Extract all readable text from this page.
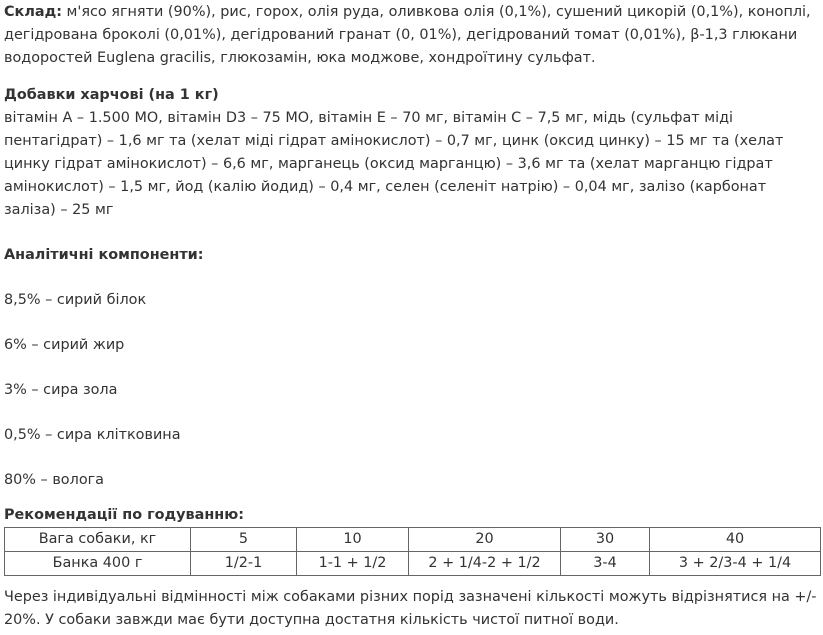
Склад: м'ясо ягняти (90%), рис, горох, олія руда, оливкова олія (0,1%), сушений цикорій (0,1%), коноплі, дегідрована броколі (0,01%), дегідрований гранат (0, 01%), дегідрований томат (0,01%), β-1,3 глюкани водоростей Euglena gracilis, глюкозамін, юка моджове, хондроїтину сульфат.

Добавки харчові (на 1 кг)

вітамін A – 1.500 МО, вітамін D3 – 75 МО, вітамін Е – 70 мг, вітамін C – 7,5 мг, мідь (сульфат міді пентагідрат) – 1,6 мг та (хелат міді гідрат амінокислот) – 0,7 мг, цинк (оксид цинку) – 15 мг та (хелат цинку гідрат амінокислот) – 6,6 мг, марганець (оксид марганцю) – 3,6 мг та (хелат марганцю гідрат амінокислот) – 1,5 мг, йод (калію йодид) – 0,4 мг, селен (селеніт натрію) – 0,04 мг, залізо (карбонат заліза) – 25 мг

Аналітичні компоненти:

8,5% – сирий білок

6% – сирий жир

3% – сира зола

0,5% – сира клітковина

80% – волога

Рекомендації по годуванню:

Вага собаки, кг	5	10	20	30	40
Банка 400 г	1/2-1	1-1 + 1/2	2 + 1/4-2 + 1/2	3-4	3 + 2/3-4 + 1/4

Через індивідуальні відмінності між собаками різних порід зазначені кількості можуть відрізнятися на +/- 20%. У собаки завжди має бути доступна достатня кількість чистої питної води.
